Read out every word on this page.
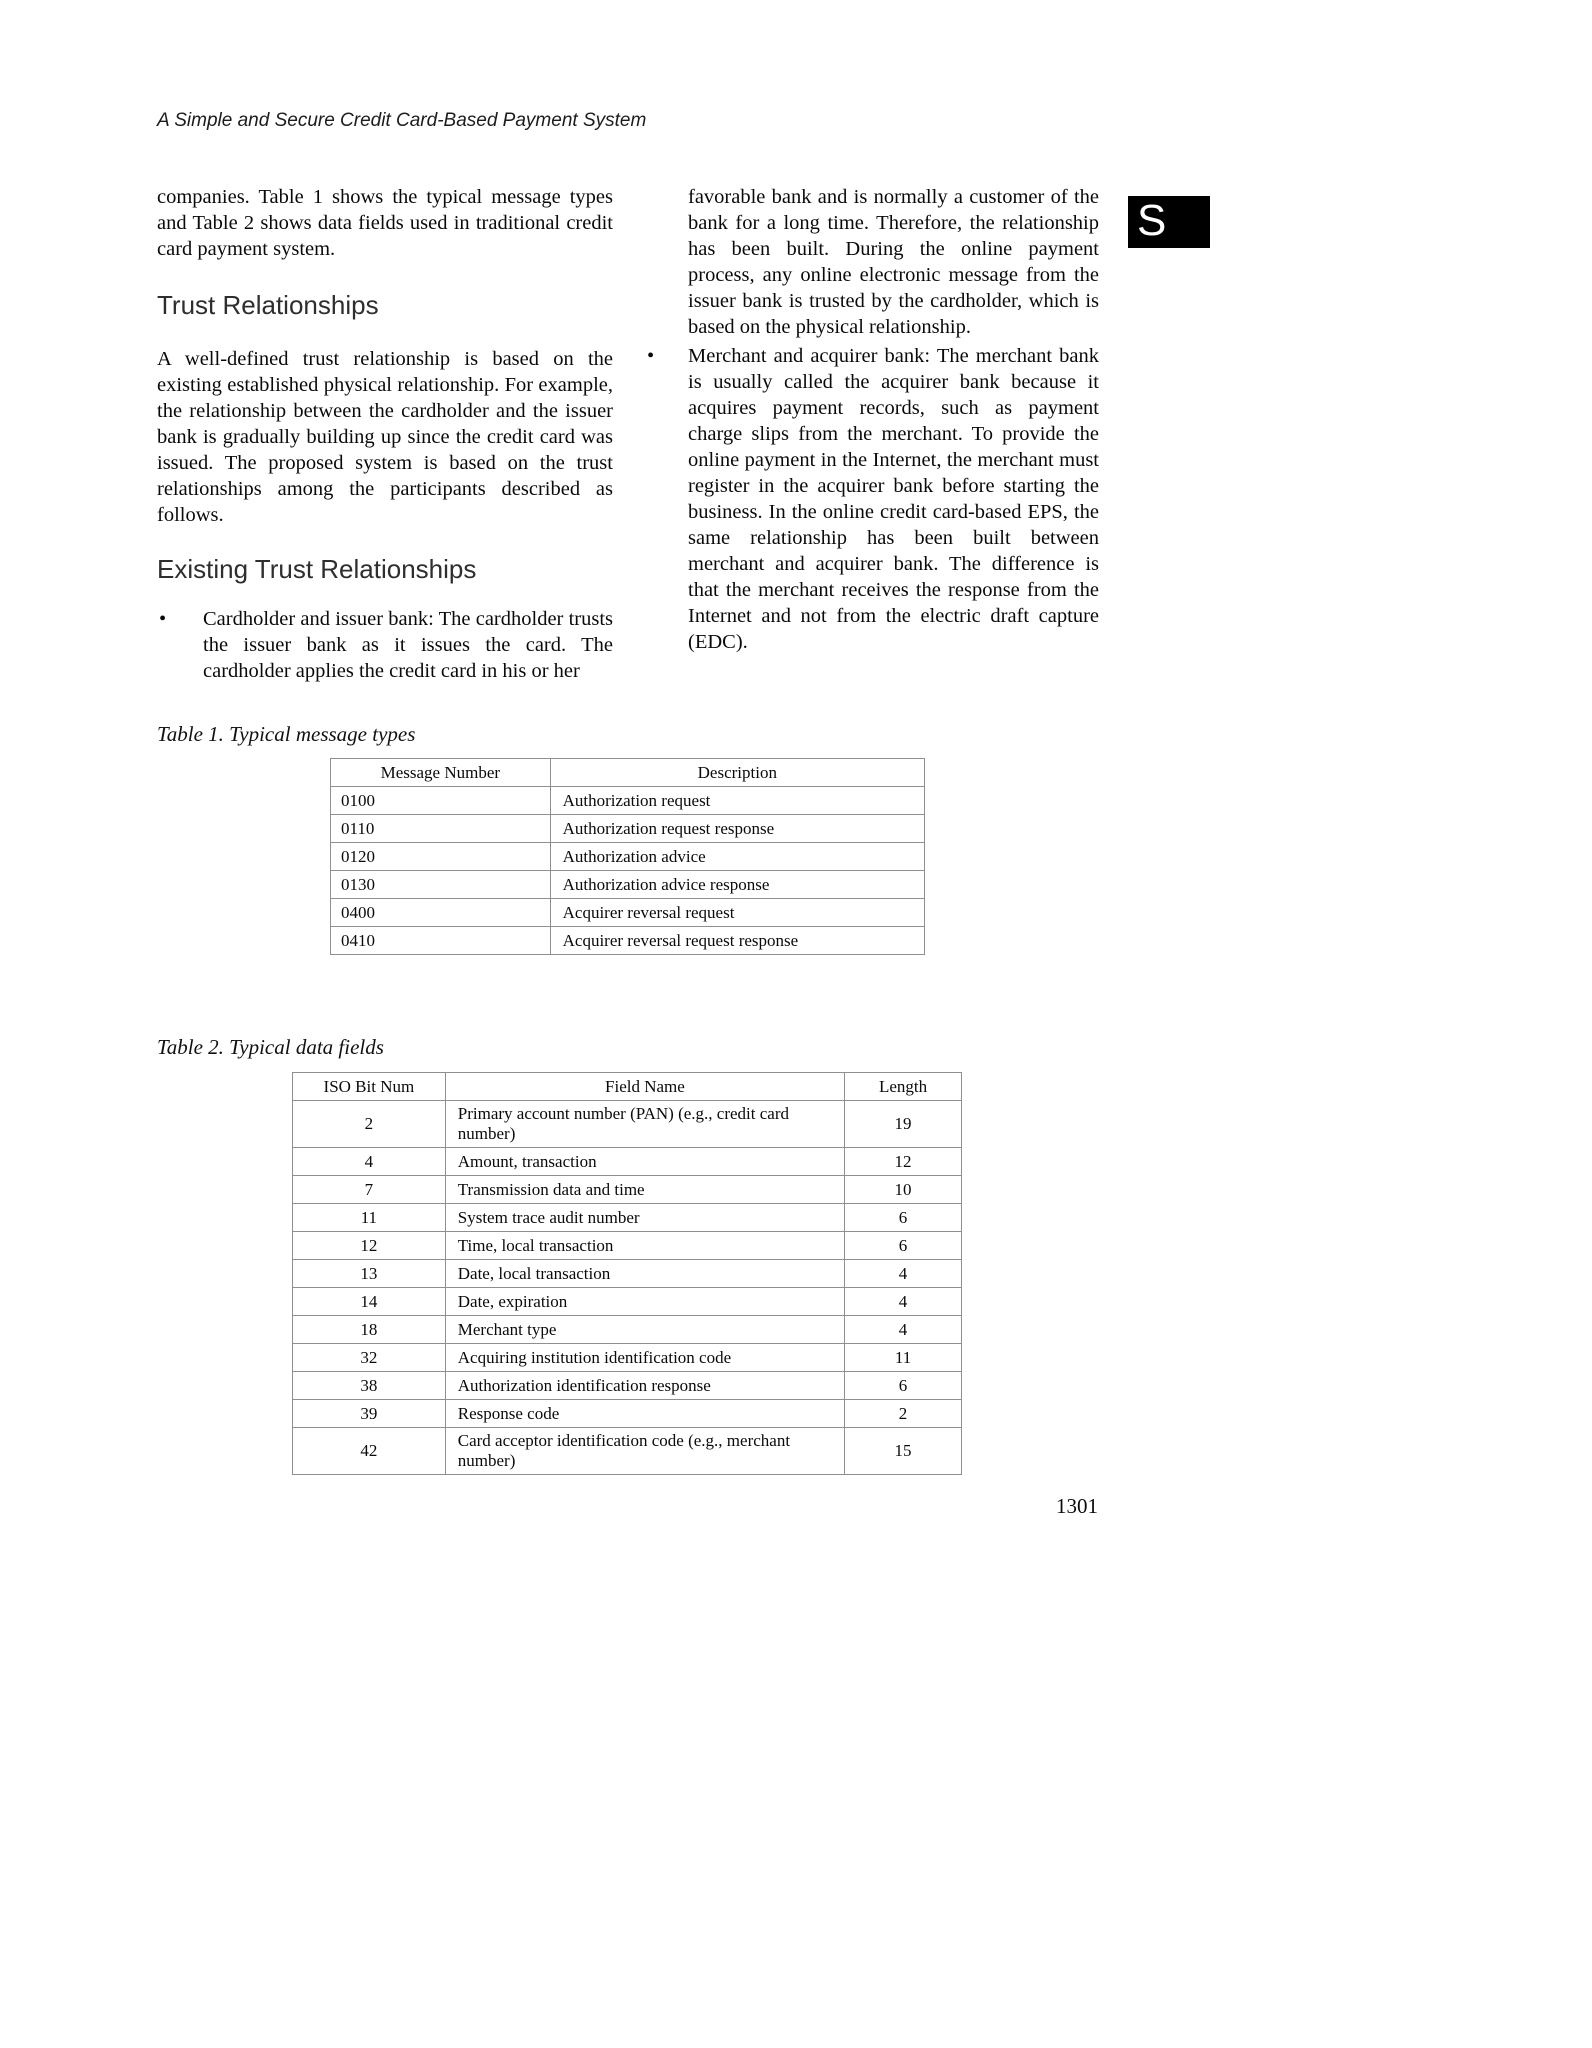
A Simple and Secure Credit Card-Based Payment System
S

companies. Table 1 shows the typical message types and Table 2 shows data fields used in traditional credit card payment system.

Trust Relationships

A well-defined trust relationship is based on the existing established physical relationship. For example, the relationship between the cardholder and the issuer bank is gradually building up since the credit card was issued. The proposed system is based on the trust relationships among the participants described as follows.

Existing Trust Relationships
• Cardholder and issuer bank: The cardholder trusts the issuer bank as it issues the card. The cardholder applies the credit card in his or her

favorable bank and is normally a customer of the bank for a long time. Therefore, the relationship has been built. During the online payment process, any online electronic message from the issuer bank is trusted by the cardholder, which is based on the physical relationship.

• Merchant and acquirer bank: The merchant bank is usually called the acquirer bank because it acquires payment records, such as payment charge slips from the merchant. To provide the online payment in the Internet, the merchant must register in the acquirer bank before starting the business. In the online credit card-based EPS, the same relationship has been built between merchant and acquirer bank. The difference is that the merchant receives the response from the Internet and not from the electric draft capture (EDC).

Table 1. Typical message types
Message Number	Description
0100	Authorization request
0110	Authorization request response
0120	Authorization advice
0130	Authorization advice response
0400	Acquirer reversal request
0410	Acquirer reversal request response
Table 2. Typical data fields
ISO Bit Num	Field Name	Length
2	Primary account number (PAN) (e.g., credit card number)	19
4	Amount, transaction	12
7	Transmission data and time	10
11	System trace audit number	6
12	Time, local transaction	6
13	Date, local transaction	4
14	Date, expiration	4
18	Merchant type	4
32	Acquiring institution identification code	11
38	Authorization identification response	6
39	Response code	2
42	Card acceptor identification code (e.g., merchant number)	15
1301
